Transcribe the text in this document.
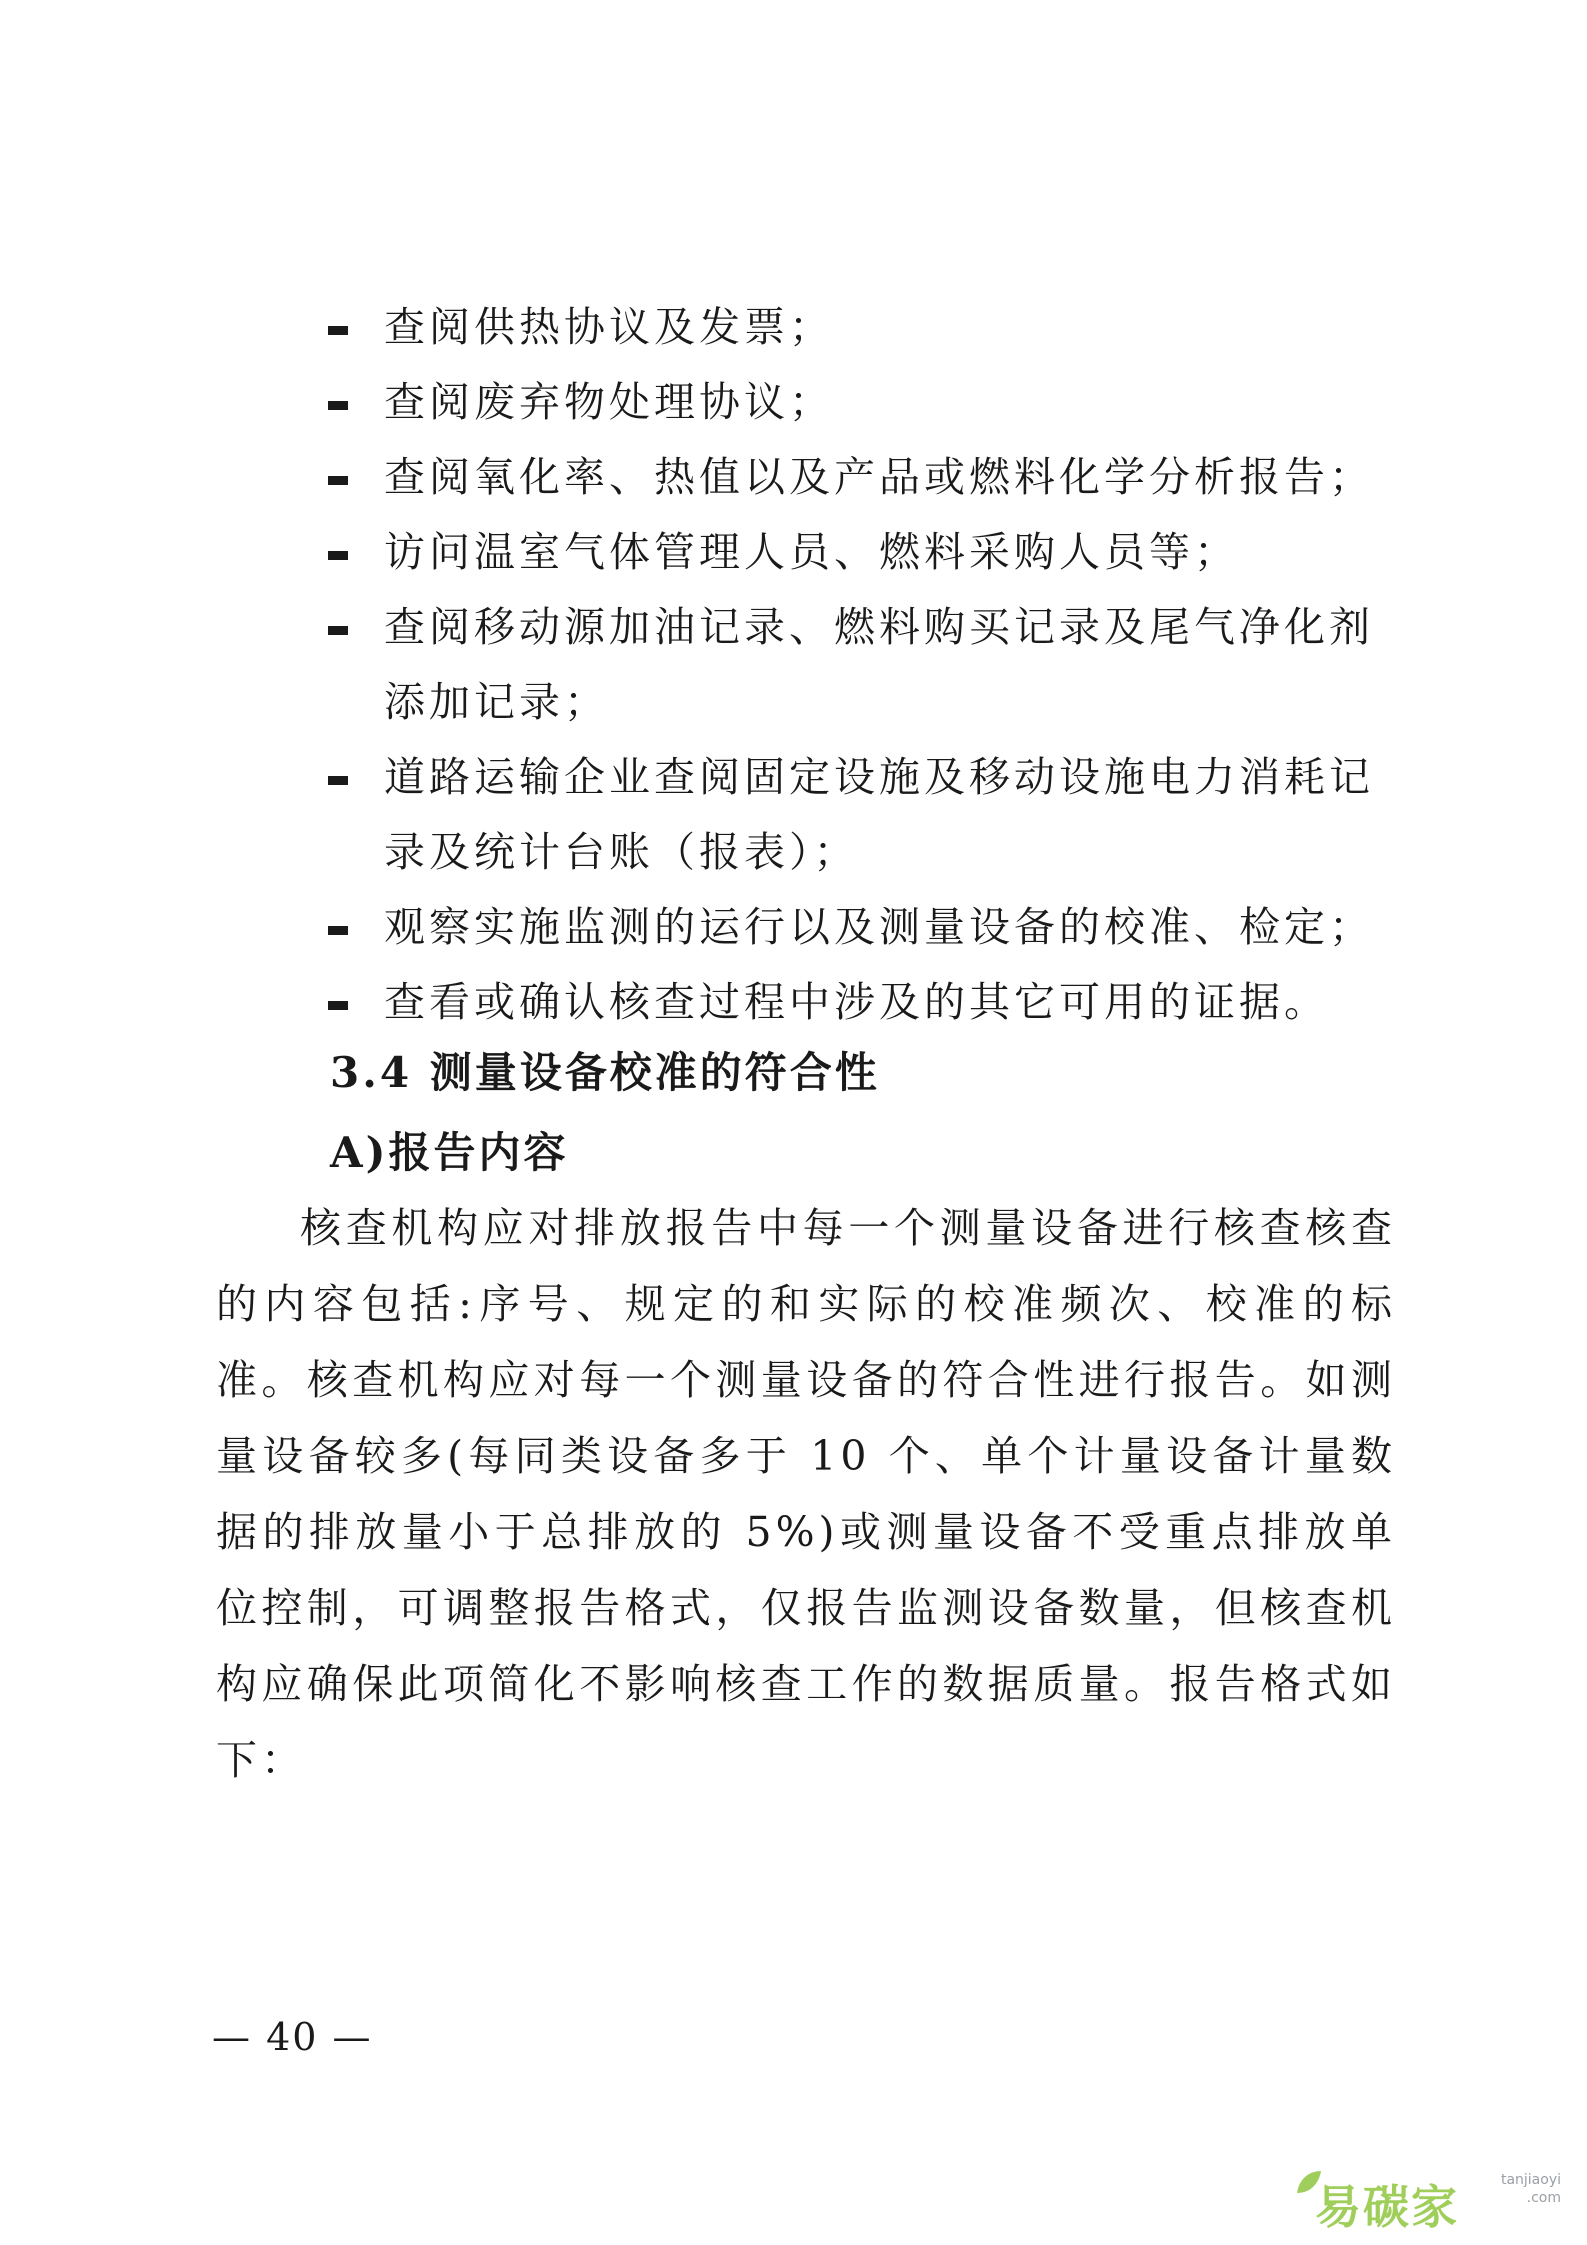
查阅供热协议及发票；
查阅废弃物处理协议；
查阅氧化率、热值以及产品或燃料化学分析报告；
访问温室气体管理人员、燃料采购人员等；
查阅移动源加油记录、燃料购买记录及尾气净化剂添加记录；
道路运输企业查阅固定设施及移动设施电力消耗记录及统计台账（报表）；
观察实施监测的运行以及测量设备的校准、检定；
查看或确认核查过程中涉及的其它可用的证据。
3.4 测量设备校准的符合性
A)报告内容
核查机构应对排放报告中每一个测量设备进行核查核查的内容包括:序号、规定的和实际的校准频次、校准的标准。核查机构应对每一个测量设备的符合性进行报告。如测量设备较多(每同类设备多于 10 个、单个计量设备计量数据的排放量小于总排放的 5%)或测量设备不受重点排放单位控制，可调整报告格式，仅报告监测设备数量，但核查机构应确保此项简化不影响核查工作的数据质量。报告格式如下：
— 40 —
易碳家	tanjiaoyi
.com
